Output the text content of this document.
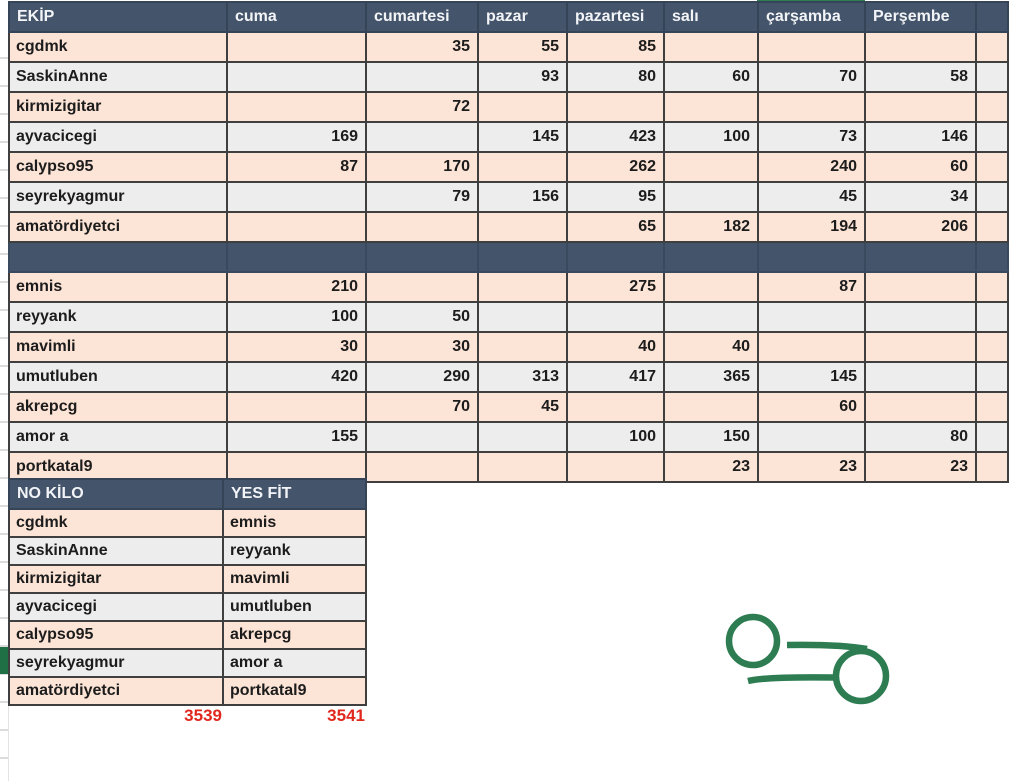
EKİP	cuma	cumartesi	pazar	pazartesi	salı	çarşamba	Perşembe	
cgdmk		35	55	85				
SaskinAnne			93	80	60	70	58	
kirmizigitar		72						
ayvacicegi	169		145	423	100	73	146	
calypso95	87	170		262		240	60	
seyrekyagmur		79	156	95		45	34	
amatördiyetci				65	182	194	206	

emnis	210			275		87		
reyyank	100	50						
mavimli	30	30		40	40			
umutluben	420	290	313	417	365	145		
akrepcg		70	45			60		
amor a	155			100	150		80	
portkatal9					23	23	23	
NO KİLO	YES FİT
cgdmk	emnis
SaskinAnne	reyyank
kirmizigitar	mavimli
ayvacicegi	umutluben
calypso95	akrepcg
seyrekyagmur	amor a
amatördiyetci	portkatal9
3539	3541
